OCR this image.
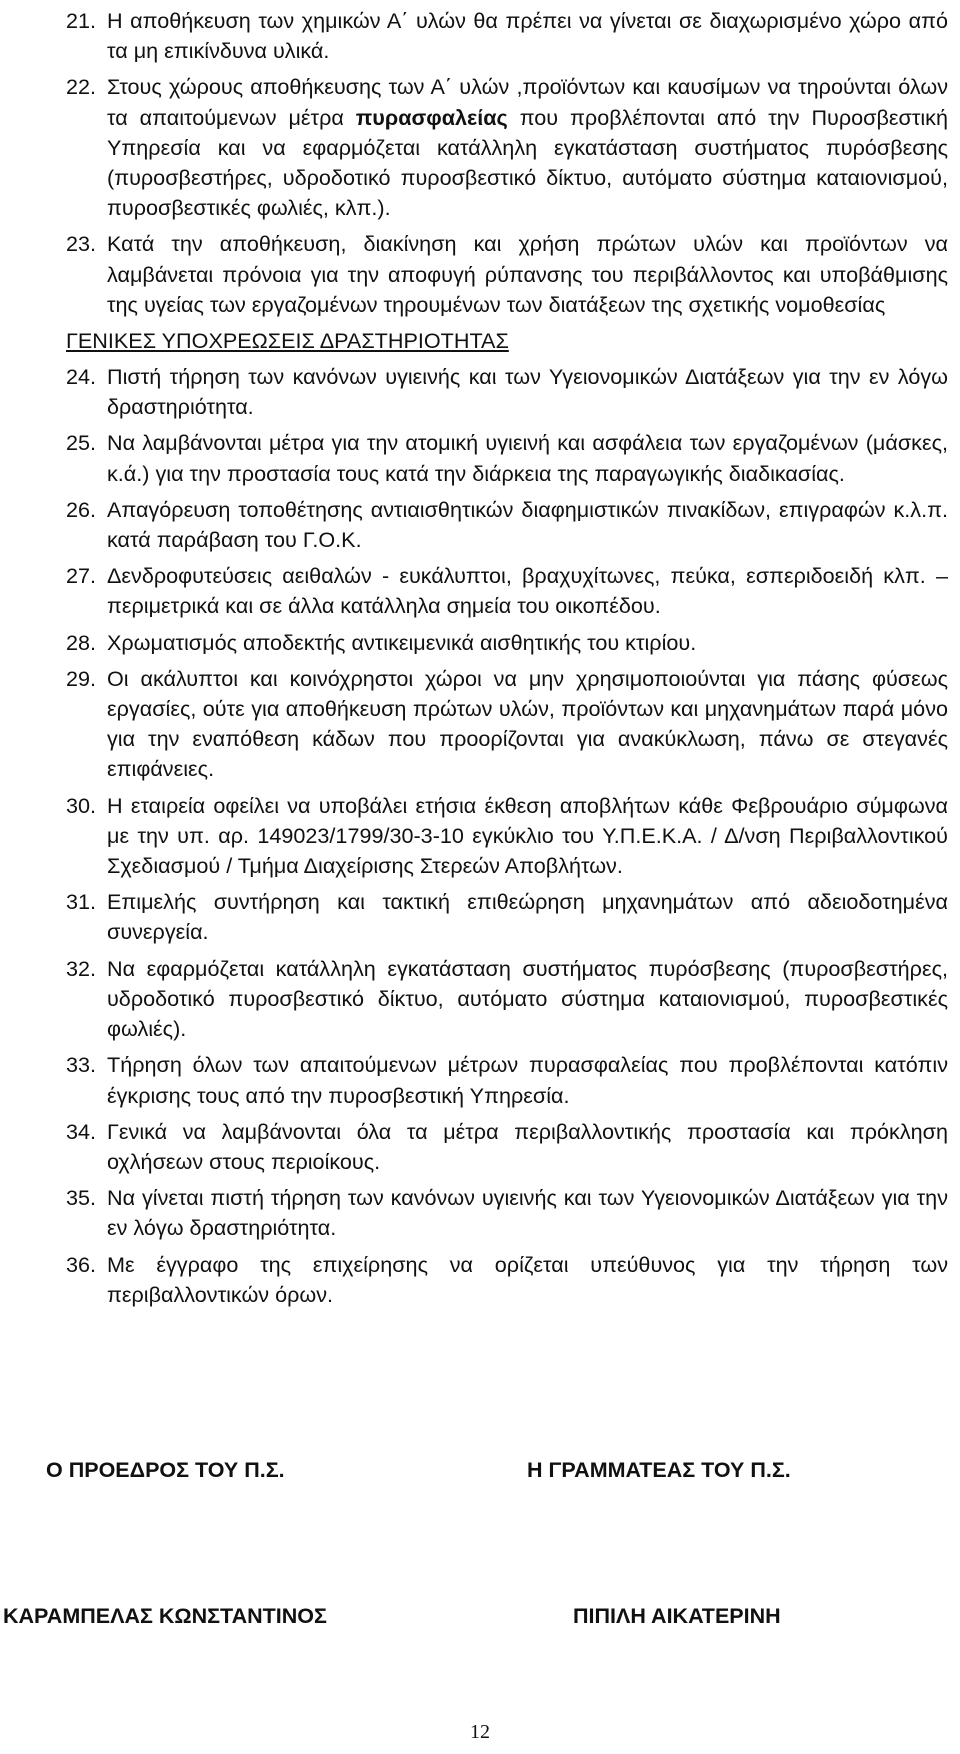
21. Η αποθήκευση των χημικών Α΄ υλών θα πρέπει να γίνεται σε διαχωρισμένο χώρο από τα μη επικίνδυνα υλικά.
22. Στους χώρους αποθήκευσης των Α΄ υλών ,προϊόντων και καυσίμων να τηρούνται όλων τα απαιτούμενων μέτρα πυρασφαλείας που προβλέπονται από την Πυροσβεστική Υπηρεσία και να εφαρμόζεται κατάλληλη εγκατάσταση συστήματος πυρόσβεσης (πυροσβεστήρες, υδροδοτικό πυροσβεστικό δίκτυο, αυτόματο σύστημα καταιονισμού, πυροσβεστικές φωλιές, κλπ.).
23. Κατά την αποθήκευση, διακίνηση και χρήση πρώτων υλών και προϊόντων να λαμβάνεται πρόνοια για την αποφυγή ρύπανσης του περιβάλλοντος και υποβάθμισης της υγείας των εργαζομένων τηρουμένων των διατάξεων της σχετικής νομοθεσίας
ΓΕΝΙΚΕΣ ΥΠΟΧΡΕΩΣΕΙΣ ΔΡΑΣΤΗΡΙΟΤΗΤΑΣ
24. Πιστή τήρηση των κανόνων υγιεινής και των Υγειονομικών Διατάξεων για την εν λόγω δραστηριότητα.
25. Να λαμβάνονται μέτρα για την ατομική υγιεινή και ασφάλεια των εργαζομένων (μάσκες, κ.ά.) για την προστασία τους κατά την διάρκεια της παραγωγικής διαδικασίας.
26. Απαγόρευση τοποθέτησης αντιαισθητικών διαφημιστικών πινακίδων, επιγραφών κ.λ.π. κατά παράβαση του Γ.Ο.Κ.
27. Δενδροφυτεύσεις αειθαλών - ευκάλυπτοι, βραχυχίτωνες, πεύκα, εσπεριδοειδή κλπ. – περιμετρικά και σε άλλα κατάλληλα σημεία του οικοπέδου.
28. Χρωματισμός αποδεκτής αντικειμενικά αισθητικής του κτιρίου.
29. Οι ακάλυπτοι και κοινόχρηστοι χώροι να μην χρησιμοποιούνται για πάσης φύσεως εργασίες, ούτε για αποθήκευση πρώτων υλών, προϊόντων και μηχανημάτων παρά μόνο για την εναπόθεση κάδων που προορίζονται για ανακύκλωση, πάνω σε στεγανές επιφάνειες.
30. Η εταιρεία οφείλει να υποβάλει ετήσια έκθεση αποβλήτων κάθε Φεβρουάριο σύμφωνα με την υπ. αρ. 149023/1799/30-3-10 εγκύκλιο του Υ.Π.Ε.Κ.Α. / Δ/νση Περιβαλλοντικού Σχεδιασμού / Τμήμα Διαχείρισης Στερεών Αποβλήτων.
31. Επιμελής συντήρηση και τακτική επιθεώρηση μηχανημάτων από αδειοδοτημένα συνεργεία.
32. Να εφαρμόζεται κατάλληλη εγκατάσταση συστήματος πυρόσβεσης (πυροσβεστήρες, υδροδοτικό πυροσβεστικό δίκτυο, αυτόματο σύστημα καταιονισμού, πυροσβεστικές φωλιές).
33. Τήρηση όλων των απαιτούμενων μέτρων πυρασφαλείας που προβλέπονται κατόπιν έγκρισης τους από την πυροσβεστική Υπηρεσία.
34. Γενικά να λαμβάνονται όλα τα μέτρα περιβαλλοντικής προστασία και πρόκληση οχλήσεων στους περιοίκους.
35. Να γίνεται πιστή τήρηση των κανόνων υγιεινής και των Υγειονομικών Διατάξεων για την εν λόγω δραστηριότητα.
36. Με έγγραφο της επιχείρησης να ορίζεται υπεύθυνος για την τήρηση των περιβαλλοντικών όρων.
Ο ΠΡΟΕΔΡΟΣ ΤΟΥ Π.Σ.	Η ΓΡΑΜΜΑΤΕΑΣ ΤΟΥ Π.Σ.
ΚΑΡΑΜΠΕΛΑΣ ΚΩΝΣΤΑΝΤΙΝΟΣ	ΠΙΠΙΛΗ ΑΙΚΑΤΕΡΙΝΗ
12
